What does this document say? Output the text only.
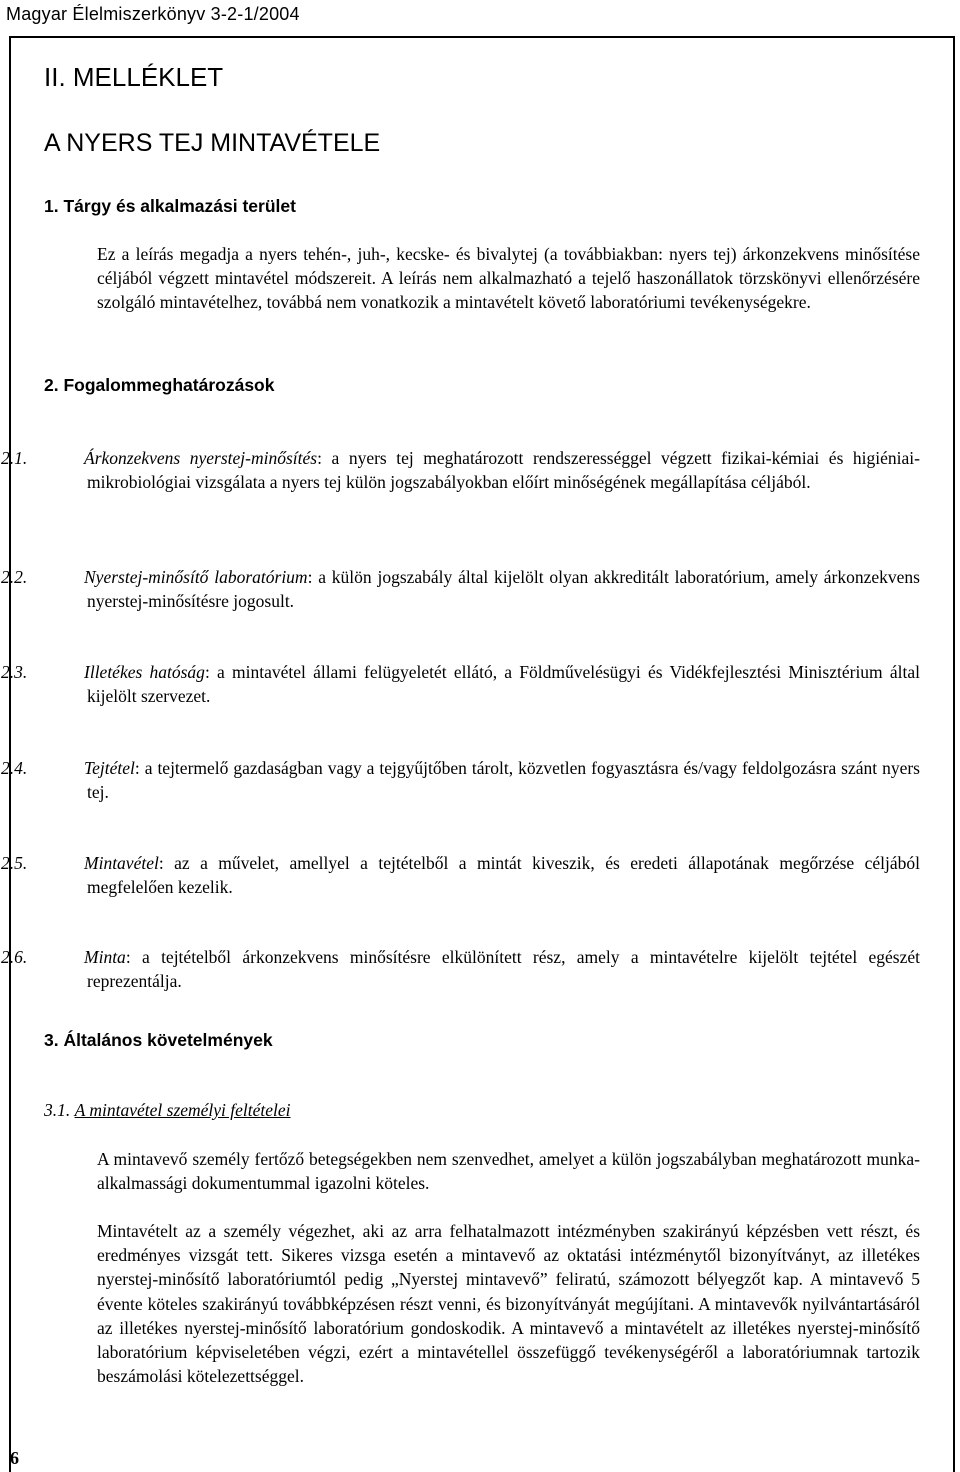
Magyar Élelmiszerkönyv 3-2-1/2004
6
II. MELLÉKLET
A NYERS TEJ MINTAVÉTELE
1. Tárgy és alkalmazási terület
Ez a leírás megadja a nyers tehén-, juh-, kecske- és bivalytej (a továbbiakban: nyers tej) árkonzekvens minősítése céljából végzett mintavétel módszereit. A leírás nem alkalmazható a tejelő haszonállatok törzskönyvi ellenőrzésére szolgáló mintavételhez, továbbá nem vonatkozik a mintavételt követő laboratóriumi tevékenységekre.
2. Fogalommeghatározások
2.1.	Árkonzekvens nyerstej-minősítés: a nyers tej meghatározott rendszerességgel végzett fizikai-kémiai és higiéniai-mikrobiológiai vizsgálata a nyers tej külön jogszabályokban előírt minőségének megállapítása céljából.
2.2.	Nyerstej-minősítő laboratórium: a külön jogszabály által kijelölt olyan akkreditált laboratórium, amely árkonzekvens nyerstej-minősítésre jogosult.
2.3.	Illetékes hatóság: a mintavétel állami felügyeletét ellátó, a Földművelésügyi és Vidékfejlesztési Minisztérium által kijelölt szervezet.
2.4.	Tejtétel: a tejtermelő gazdaságban vagy a tejgyűjtőben tárolt, közvetlen fogyasztásra és/vagy feldolgozásra szánt nyers tej.
2.5.	Mintavétel: az a művelet, amellyel a tejtételből a mintát kiveszik, és eredeti állapotának megőrzése céljából megfelelően kezelik.
2.6.	Minta: a tejtételből árkonzekvens minősítésre elkülönített rész, amely a mintavételre kijelölt tejtétel egészét reprezentálja.
3. Általános követelmények
3.1. A mintavétel személyi feltételei
A mintavevő személy fertőző betegségekben nem szenvedhet, amelyet a külön jogszabályban meghatározott munka-alkalmassági dokumentummal igazolni köteles.
Mintavételt az a személy végezhet, aki az arra felhatalmazott intézményben szakirányú képzésben vett részt, és eredményes vizsgát tett. Sikeres vizsga esetén a mintavevő az oktatási intézménytől bizonyítványt, az illetékes nyerstej-minősítő laboratóriumtól pedig „Nyerstej mintavevő” feliratú, számozott bélyegzőt kap. A mintavevő 5 évente köteles szakirányú továbbképzésen részt venni, és bizonyítványát megújítani. A mintavevők nyilvántartásáról az illetékes nyerstej-minősítő laboratórium gondoskodik. A mintavevő a mintavételt az illetékes nyerstej-minősítő laboratórium képviseletében végzi, ezért a mintavétellel összefüggő tevékenységéről a laboratóriumnak tartozik beszámolási kötelezettséggel.
